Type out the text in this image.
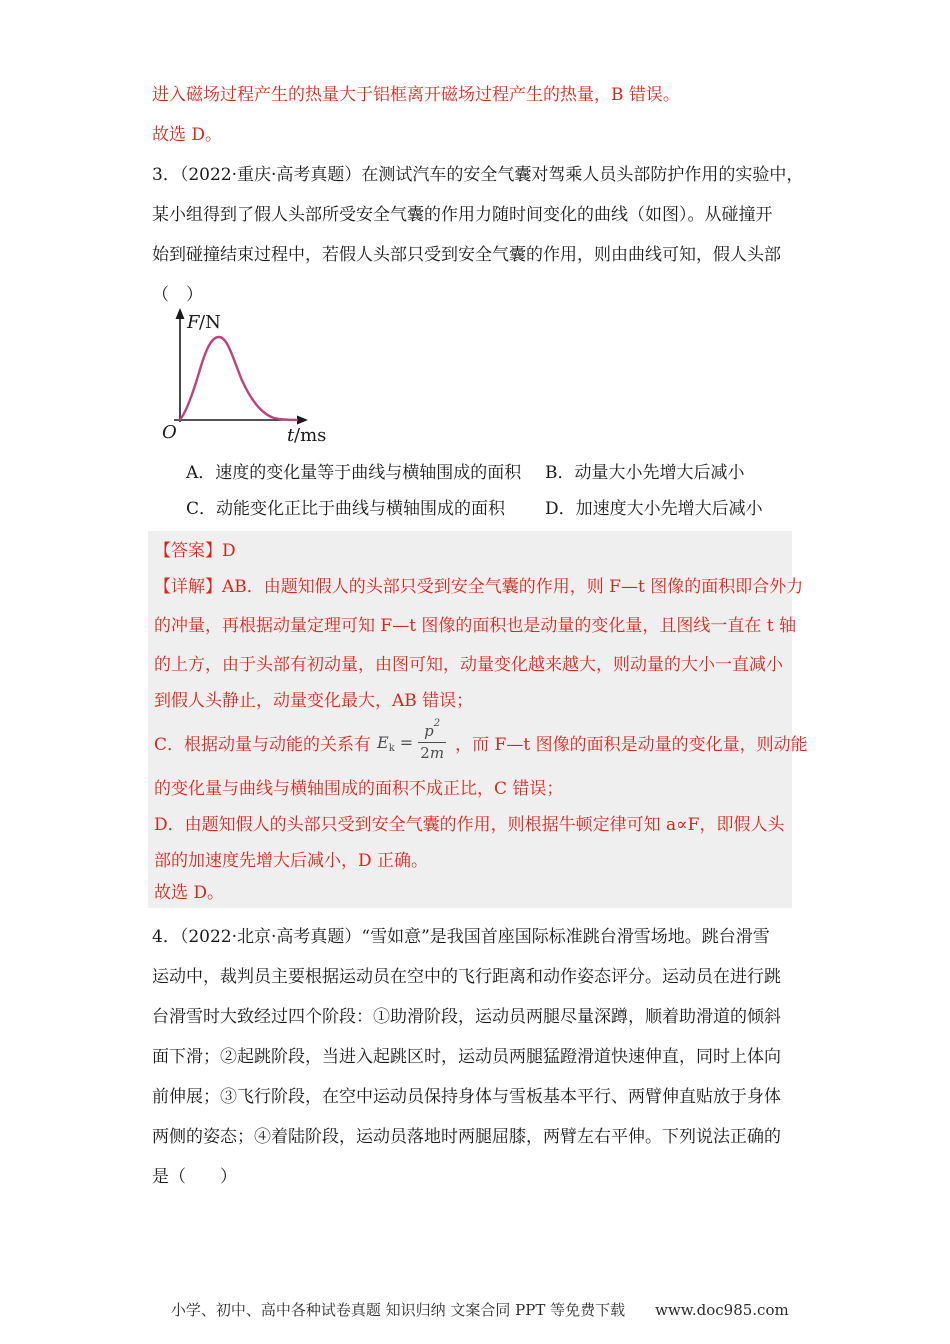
进入磁场过程产生的热量大于铝框离开磁场过程产生的热量，B 错误。
故选 D。
3．（2022·重庆·高考真题）在测试汽车的安全气囊对驾乘人员头部防护作用的实验中，
某小组得到了假人头部所受安全气囊的作用力随时间变化的曲线（如图）。从碰撞开
始到碰撞结束过程中，若假人头部只受到安全气囊的作用，则由曲线可知，假人头部
（　）
F /N
t /ms
O
A．速度的变化量等于曲线与横轴围成的面积 B．动量大小先增大后减小
C．动能变化正比于曲线与横轴围成的面积 D．加速度大小先增大后减小
【答案】D
【详解】AB．由题知假人的头部只受到安全气囊的作用，则 F—t 图像的面积即合外力
的冲量，再根据动量定理可知 F—t 图像的面积也是动量的变化量，且图线一直在 t 轴
的上方，由于头部有初动量，由图可知，动量变化越来越大，则动量的大小一直减小
到假人头静止，动量变化最大，AB 错误；
C．根据动量与动能的关系有 $E_k = \frac{p^2}{2m}$ ，而 F—t 图像的面积是动量的变化量，则动能
的变化量与曲线与横轴围成的面积不成正比，C 错误；
D．由题知假人的头部只受到安全气囊的作用，则根据牛顿定律可知 a∝F，即假人头
部的加速度先增大后减小，D 正确。
故选 D。
4．（2022·北京·高考真题）“雪如意”是我国首座国际标准跳台滑雪场地。跳台滑雪
运动中，裁判员主要根据运动员在空中的飞行距离和动作姿态评分。运动员在进行跳
台滑雪时大致经过四个阶段：①助滑阶段，运动员两腿尽量深蹲，顺着助滑道的倾斜
面下滑；②起跳阶段，当进入起跳区时，运动员两腿猛蹬滑道快速伸直，同时上体向
前伸展；③飞行阶段，在空中运动员保持身体与雪板基本平行、两臂伸直贴放于身体
两侧的姿态；④着陆阶段，运动员落地时两腿屈膝，两臂左右平伸。下列说法正确的
是（　　）

小学、初中、高中各种试卷真题 知识归纳 文案合同 PPT 等免费下载 www.doc985.com
